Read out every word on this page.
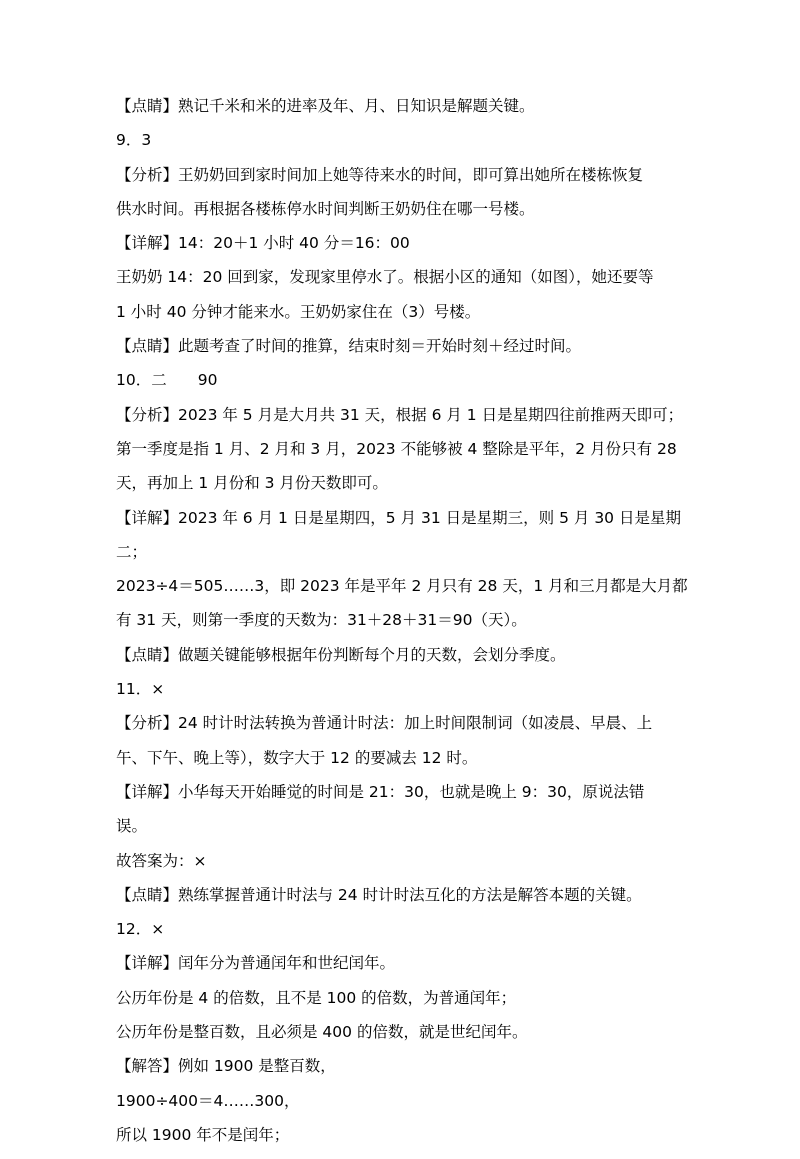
【点睛】熟记千米和米的进率及年、月、日知识是解题关键。
9．3
【分析】王奶奶回到家时间加上她等待来水的时间，即可算出她所在楼栋恢复
供水时间。再根据各楼栋停水时间判断王奶奶住在哪一号楼。
【详解】14：20＋1 小时 40 分＝16：00
王奶奶 14：20 回到家，发现家里停水了。根据小区的通知（如图），她还要等
1 小时 40 分钟才能来水。王奶奶家住在（3）号楼。
【点睛】此题考查了时间的推算，结束时刻＝开始时刻＋经过时间。
10．二　　90
【分析】2023 年 5 月是大月共 31 天，根据 6 月 1 日是星期四往前推两天即可；
第一季度是指 1 月、2 月和 3 月，2023 不能够被 4 整除是平年，2 月份只有 28
天，再加上 1 月份和 3 月份天数即可。
【详解】2023 年 6 月 1 日是星期四，5 月 31 日是星期三，则 5 月 30 日是星期
二；
2023÷4＝505……3，即 2023 年是平年 2 月只有 28 天，1 月和三月都是大月都
有 31 天，则第一季度的天数为：31＋28＋31＝90（天）。
【点睛】做题关键能够根据年份判断每个月的天数，会划分季度。
11．×
【分析】24 时计时法转换为普通计时法：加上时间限制词（如凌晨、早晨、上
午、下午、晚上等），数字大于 12 的要减去 12 时。
【详解】小华每天开始睡觉的时间是 21：30，也就是晚上 9：30，原说法错
误。
故答案为：×
【点睛】熟练掌握普通计时法与 24 时计时法互化的方法是解答本题的关键。
12．×
【详解】闰年分为普通闰年和世纪闰年。
公历年份是 4 的倍数，且不是 100 的倍数，为普通闰年；
公历年份是整百数，且必须是 400 的倍数，就是世纪闰年。
【解答】例如 1900 是整百数，
1900÷400＝4……300，
所以 1900 年不是闰年；
